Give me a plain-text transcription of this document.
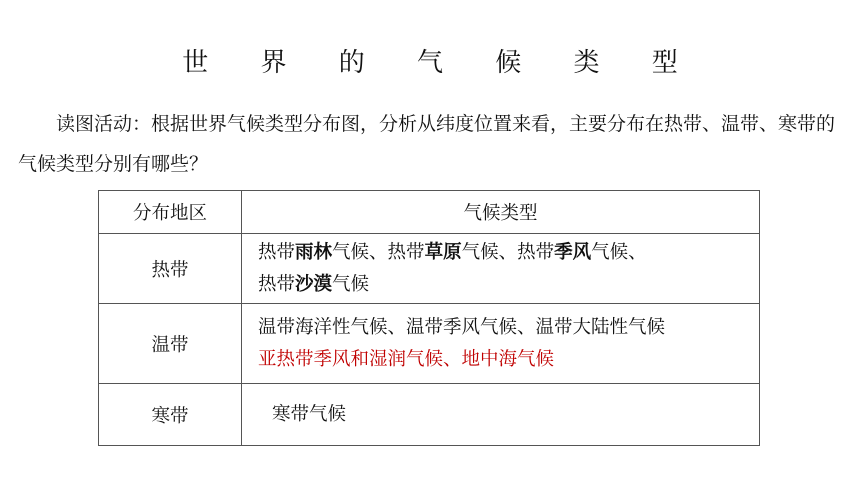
世 界 的 气 候 类 型
读图活动：根据世界气候类型分布图，分析从纬度位置来看，主要分布在热带、温带、寒带的气候类型分别有哪些？
分布地区	气候类型
热带	热带雨林气候、热带草原气候、热带季风气候、
热带沙漠气候

温带	温带海洋性气候、温带季风气候、温带大陆性气候
亚热带季风和湿润气候、地中海气候

寒带	寒带气候
